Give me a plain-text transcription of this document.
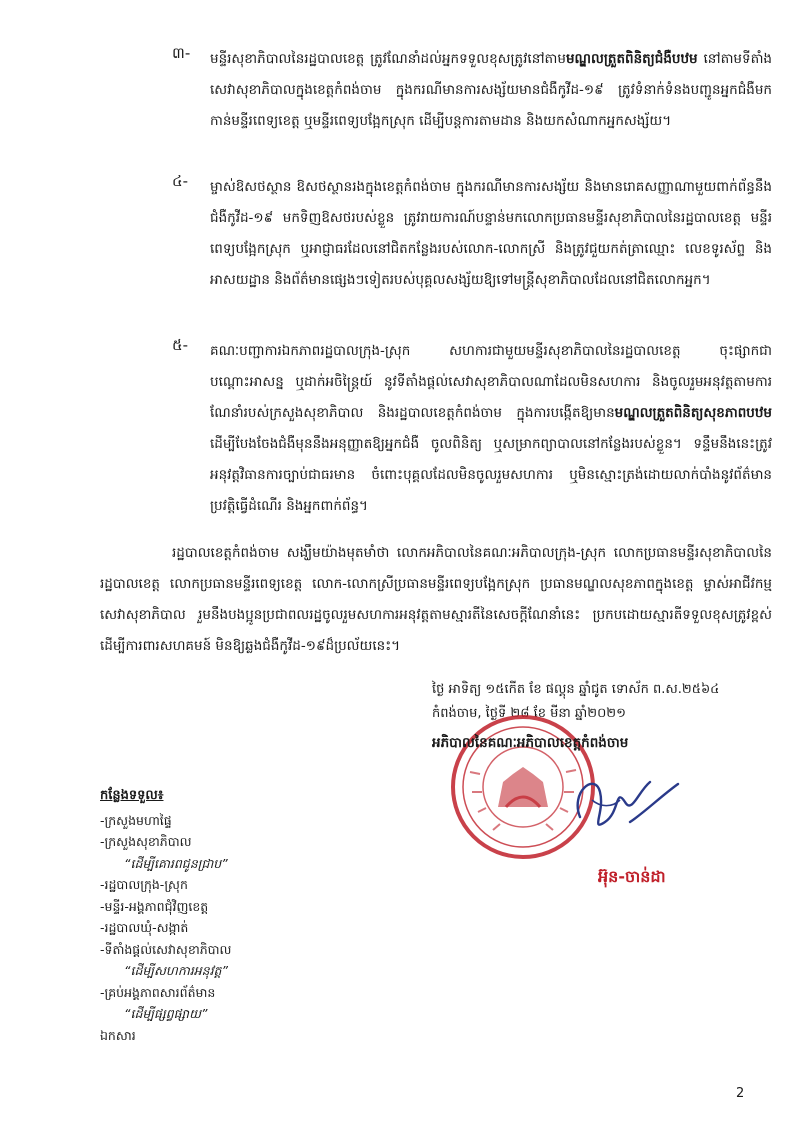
៣- មន្ទីរសុខាភិបាលនៃរដ្ឋបាលខេត្ត ត្រូវណែនាំដល់អ្នកទទួលខុសត្រូវនៅតាមមណ្ឌលត្រួតពិនិត្យជំងឺបឋម នៅតាមទីតាំងសេវាសុខាភិបាលក្នុងខេត្តកំពង់ចាម ក្នុងករណីមានការសង្ស័យមានជំងឺកូវីដ-១៩ ត្រូវទំនាក់ទំនងបញ្ជូនអ្នកជំងឺមកកាន់មន្ទីរពេទ្យខេត្ត ឬមន្ទីរពេទ្យបង្អែកស្រុក ដើម្បីបន្តការតាមដាន និងយកសំណាកអ្នកសង្ស័យ។
៤- ម្ចាស់ឱសថស្ថាន ឱសថស្ថានរងក្នុងខេត្តកំពង់ចាម ក្នុងករណីមានការសង្ស័យ និងមានរោគសញ្ញាណាមួយពាក់ព័ន្ធនឹងជំងឺកូវីដ-១៩ មកទិញឱសថរបស់ខ្លួន ត្រូវរាយការណ៍បន្ទាន់មកលោកប្រធានមន្ទីរសុខាភិបាលនៃរដ្ឋបាលខេត្ត មន្ទីរពេទ្យបង្អែកស្រុក ឬអាជ្ញាធរដែលនៅជិតកន្លែងរបស់លោក-លោកស្រី និងត្រូវជួយកត់ត្រាឈ្មោះ លេខទូរស័ព្ទ និងអាសយដ្ឋាន និងព័ត៌មានផ្សេងៗទៀតរបស់បុគ្គលសង្ស័យឱ្យទៅមន្ត្រីសុខាភិបាលដែលនៅជិតលោកអ្នក។
៥- គណៈបញ្ជាការឯកភាពរដ្ឋបាលក្រុង-ស្រុក សហការជាមួយមន្ទីរសុខាភិបាលនៃរដ្ឋបាលខេត្ត ចុះផ្សាកជាបណ្ដោះអាសន្ន ឬដាក់អចិន្ត្រៃយ៍ នូវទីតាំងផ្ដល់សេវាសុខាភិបាលណាដែលមិនសហការ និងចូលរួមអនុវត្តតាមការណែនាំរបស់ក្រសួងសុខាភិបាល និងរដ្ឋបាលខេត្តកំពង់ចាម ក្នុងការបង្កើតឱ្យមានមណ្ឌលត្រួតពិនិត្យសុខភាពបឋម ដើម្បីបែងចែងជំងឺមុននឹងអនុញ្ញាតឱ្យអ្នកជំងឺ ចូលពិនិត្យ ឬសម្រាកព្យាបាលនៅកន្លែងរបស់ខ្លួន។ ទន្ទឹមនឹងនេះត្រូវអនុវត្តវិធានការច្បាប់ជាធរមាន ចំពោះបុគ្គលដែលមិនចូលរួមសហការ ឬមិនស្មោះត្រង់ដោយលាក់បាំងនូវព័ត៌មាន ប្រវត្តិធ្វើដំណើរ និងអ្នកពាក់ព័ន្ធ។
រដ្ឋបាលខេត្តកំពង់ចាម សង្ឃឹមយ៉ាងមុតមាំថា លោកអភិបាលនៃគណៈអភិបាលក្រុង-ស្រុក លោកប្រធានមន្ទីរសុខាភិបាលនៃរដ្ឋបាលខេត្ត លោកប្រធានមន្ទីរពេទ្យខេត្ត លោក-លោកស្រីប្រធានមន្ទីរពេទ្យបង្អែកស្រុក ប្រធានមណ្ឌលសុខភាពក្នុងខេត្ត ម្ចាស់អាជីវកម្មសេវាសុខាភិបាល រួមនឹងបងប្អូនប្រជាពលរដ្ឋចូលរួមសហការអនុវត្តតាមស្មារតីនៃសេចក្ដីណែនាំនេះ ប្រកបដោយស្មារតីទទួលខុសត្រូវខ្ពស់ ដើម្បីការពារសហគមន៍ មិនឱ្យឆ្លងជំងឺកូវីដ-១៩ដ៏ប្រល័យនេះ។
ថ្ងៃ អាទិត្យ ១៥កើត ខែ ផល្គុន ឆ្នាំជូត ទោស័ក ព.ស.២៥៦៤
កំពង់ចាម, ថ្ងៃទី ២៨ ខែ មីនា ឆ្នាំ២០២១
អភិបាលនៃគណៈអភិបាលខេត្តកំពង់ចាម
អ៊ុន-ចាន់ដា
កន្លែងទទួល៖
-ក្រសួងមហាផ្ទៃ
-ក្រសួងសុខាភិបាល
“ដើម្បីគោរពជូនជ្រាប”
-រដ្ឋបាលក្រុង-ស្រុក
-មន្ទីរ-អង្គភាពជុំវិញខេត្ត
-រដ្ឋបាលឃុំ-សង្កាត់
-ទីតាំងផ្ដល់សេវាសុខាភិបាល
“ដើម្បីសហការអនុវត្ត”
-គ្រប់អង្គភាពសារព័ត៌មាន
“ដើម្បីផ្សព្វផ្សាយ”
ឯកសារ
2
